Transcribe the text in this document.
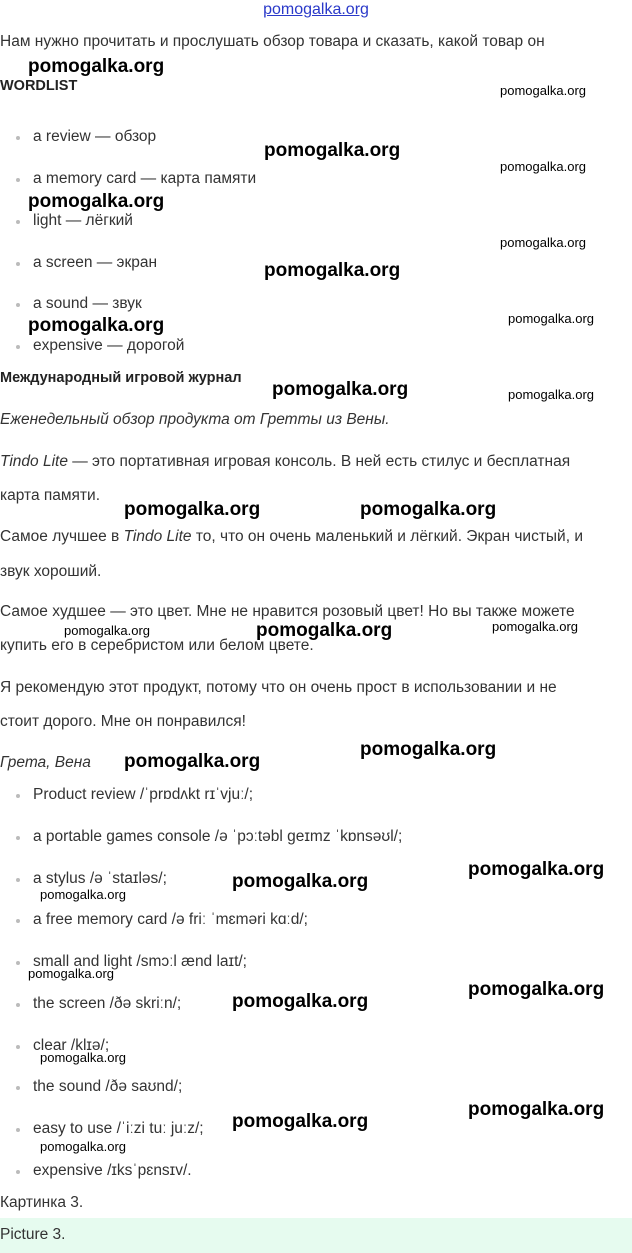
pomogalka.org
Нам нужно прочитать и прослушать обзор товара и сказать, какой товар он
WORDLIST
a review — обзор
a memory card — карта памяти
light — лёгкий
a screen — экран
a sound — звук
expensive — дорогой
Международный игровой журнал
Еженедельный обзор продукта от Гретты из Вены.
Tindo Lite — это портативная игровая консоль. В ней есть стилус и бесплатная
карта памяти.
Самое лучшее в Tindo Lite то, что он очень маленький и лёгкий. Экран чистый, и
звук хороший.
Самое худшее — это цвет. Мне не нравится розовый цвет! Но вы также можете
купить его в серебристом или белом цвете.
Я рекомендую этот продукт, потому что он очень прост в использовании и не
стоит дорого. Мне он понравился!
Грета, Вена
Product review /ˈprɒdʌkt rɪˈvjuː/;
a portable games console /ə ˈpɔːtəbl geɪmz ˈkɒnsəʊl/;
a stylus /ə ˈstaɪləs/;
a free memory card /ə friː ˈmɛməri kɑːd/;
small and light /smɔːl ænd laɪt/;
the screen /ðə skriːn/;
clear /klɪə/;
the sound /ðə saʊnd/;
easy to use /ˈiːzi tuː juːz/;
expensive /ɪksˈpɛnsɪv/.
Картинка 3.
Picture 3.
pomogalka.org
pomogalka.org
pomogalka.org
pomogalka.org
pomogalka.org
pomogalka.org
pomogalka.org
pomogalka.org	pomogalka.org
pomogalka.org	pomogalka.org
pomogalka.org	pomogalka.org
pomogalka.org	pomogalka.org	pomogalka.org
pomogalka.org
pomogalka.org
pomogalka.org
pomogalka.org
pomogalka.org
pomogalka.org
pomogalka.org
pomogalka.org
pomogalka.org
pomogalka.org
pomogalka.org
pomogalka.org
